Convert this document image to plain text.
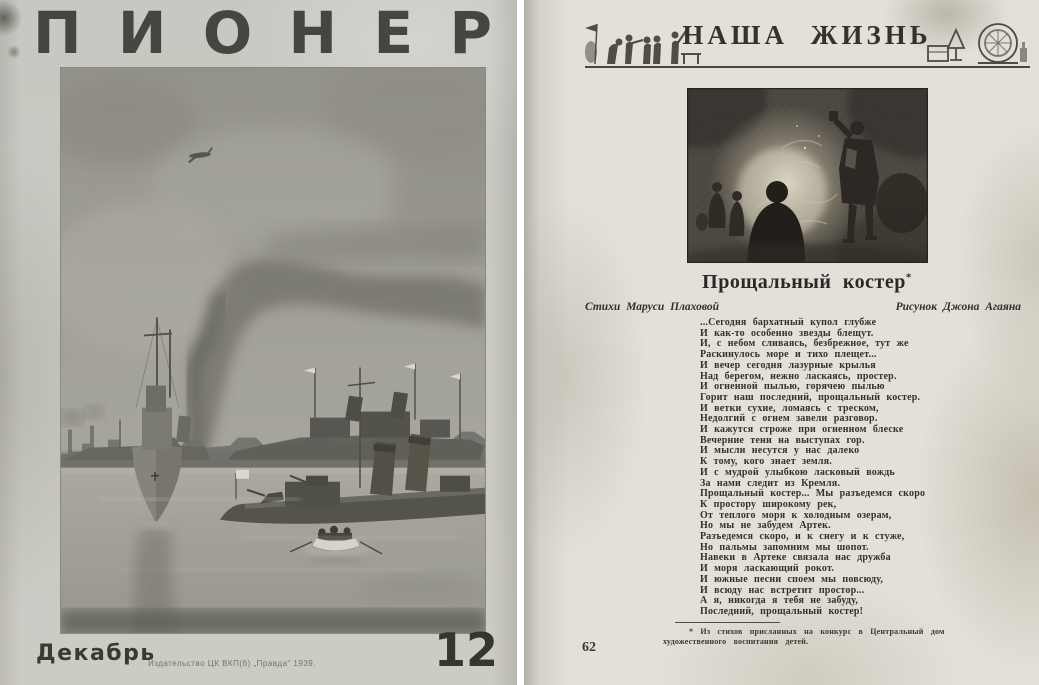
П И О Н Е Р
Декабрь
Издательство ЦК ВКП(б) „Правда“ 1939.	12
НАША ЖИЗНЬ
Прощальный костер*
Стихи Маруси Плаховой	Рисунок Джона Агаяна
...Сегодня бархатный купол глубже
И как-то особенно звезды блещут.
И, с небом сливаясь, безбрежное, тут же
Раскинулось море и тихо плещет...
И вечер сегодня лазурные крылья
Над берегом, нежно ласкаясь, простер.
И огненной пылью, горячею пылью
Горит наш последний, прощальный костер.
И ветки сухие, ломаясь с треском,
Недолгий с огнем завели разговор.
И кажутся строже при огненном блеске
Вечерние тени на выступах гор.
И мысли несутся у нас далеко
К тому, кого знает земля.
И с мудрой улыбкою ласковый вождь
За нами следит из Кремля.
Прощальный костер... Мы разъедемся скоро
К простору широкому рек,
От теплого моря к холодным озерам,
Но мы не забудем Артек.
Разъедемся скоро, и к снегу и к стуже,
Но пальмы запомним мы шопот.
Навеки в Артеке связала нас дружба
И моря ласкающий рокот.
И южные песни споем мы повсюду,
И всюду нас встретит простор...
А я, никогда я тебя не забуду,
Последний, прощальный костер!
* Из стихов присланных на конкурс в Центральный дом
художественного воспитания детей.
62
